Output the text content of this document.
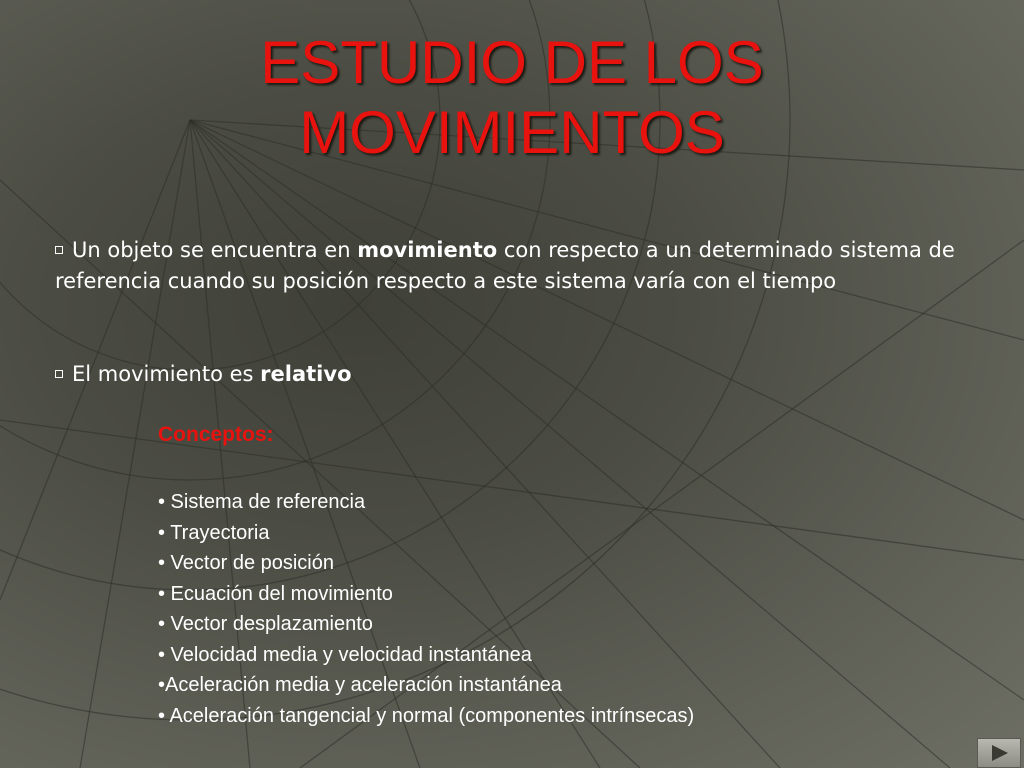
ESTUDIO DE LOS
MOVIMIENTOS
Un objeto se encuentra en movimiento con respecto a un determinado sistema de referencia cuando su posición respecto a este sistema varía con el tiempo
El movimiento es relativo
Conceptos:
• Sistema de referencia
• Trayectoria
• Vector de posición
• Ecuación del movimiento
• Vector desplazamiento
• Velocidad media y velocidad instantánea
•Aceleración media y aceleración instantánea
• Aceleración tangencial y normal (componentes intrínsecas)
